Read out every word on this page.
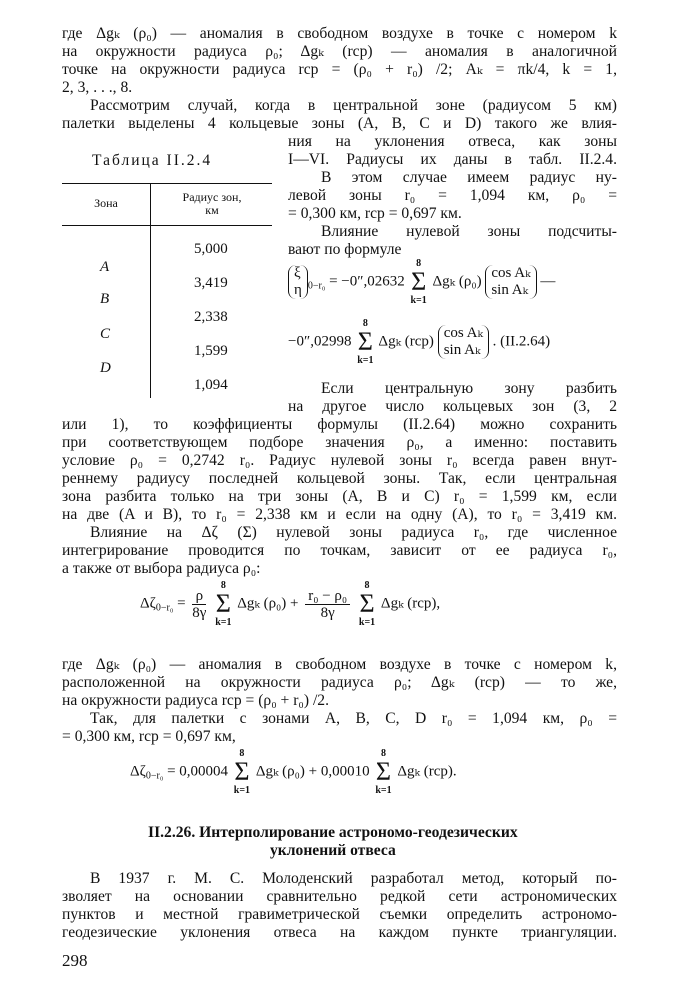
где Δgₖ (ρ₀) — аномалия в свободном воздухе в точке с номером k
на окружности радиуса ρ₀; Δgₖ (rср) — аномалия в аналогичной
точке на окружности радиуса rср = (ρ₀ + r₀) /2; Aₖ = πk/4, k = 1,
2, 3, . . ., 8.
Рассмотрим случай, когда в центральной зоне (радиусом 5 км)
палетки выделены 4 кольцевые зоны (A, B, C и D) такого же влия-
ния на уклонения отвеса, как зоны
Таблица II.2.4	I—VI. Радиусы их даны в табл. II.2.4.
В этом случае имеем радиус ну-
левой зоны r₀ = 1,094 км, ρ₀ =
= 0,300 км, rср = 0,697 км.
Влияние нулевой зоны подсчиты-
вают по формуле
Зона	Радиус зон,
км
5,000
A
3,419
B
2,338
C
1,599
D
1,094
ξ
η $_{0-r_0}$ = −0″,02632
8
Σ
k=1
Δgₖ (ρ₀) cos Aₖ
sin Aₖ —
−0″,02998
8
Σ
k=1
Δgₖ (rср) cos Aₖ
sin Aₖ . (II.2.64)
Если центральную зону разбить
на другое число кольцевых зон (3, 2
или 1), то коэффициенты формулы (II.2.64) можно сохранить
при соответствующем подборе значения ρ₀, а именно: поставить
условие ρ₀ = 0,2742 r₀. Радиус нулевой зоны r₀ всегда равен внут-
реннему радиусу последней кольцевой зоны. Так, если центральная
зона разбита только на три зоны (A, B и C) r₀ = 1,599 км, если
на две (A и B), то r₀ = 2,338 км и если на одну (A), то r₀ = 3,419 км.
Влияние на Δζ (Σ) нулевой зоны радиуса r₀, где численное
интегрирование проводится по точкам, зависит от ее радиуса r₀,
а также от выбора радиуса ρ₀:
$\Delta\zeta_{0-r_0} = \frac{\rho}{8\gamma}$

8
Σ
k=1
Δgₖ $(\rho_0) + \frac{\text{r₀ − ρ₀}}{8\gamma}$

8
Σ
k=1
Δgₖ (rср),
где Δgₖ (ρ₀) — аномалия в свободном воздухе в точке с номером k,
расположенной на окружности радиуса ρ₀; Δgₖ (rср) — то же,
на окружности радиуса rср = (ρ₀ + r₀) /2.
Так, для палетки с зонами A, B, C, D r₀ = 1,094 км, ρ₀ =
= 0,300 км, rср = 0,697 км,
$\Delta\zeta_{0-r_0} = 0,00004$
8
Σ
k=1
Δgₖ (ρ₀) + 0,00010
8
Σ
k=1
Δgₖ (rср).
II.2.26. Интерполирование астрономо-геодезических
уклонений отвеса
В 1937 г. М. С. Молоденский разработал метод, который по-
зволяет на основании сравнительно редкой сети астрономических
пунктов и местной гравиметрической съемки определить астрономо-
геодезические уклонения отвеса на каждом пункте триангуляции.
298
